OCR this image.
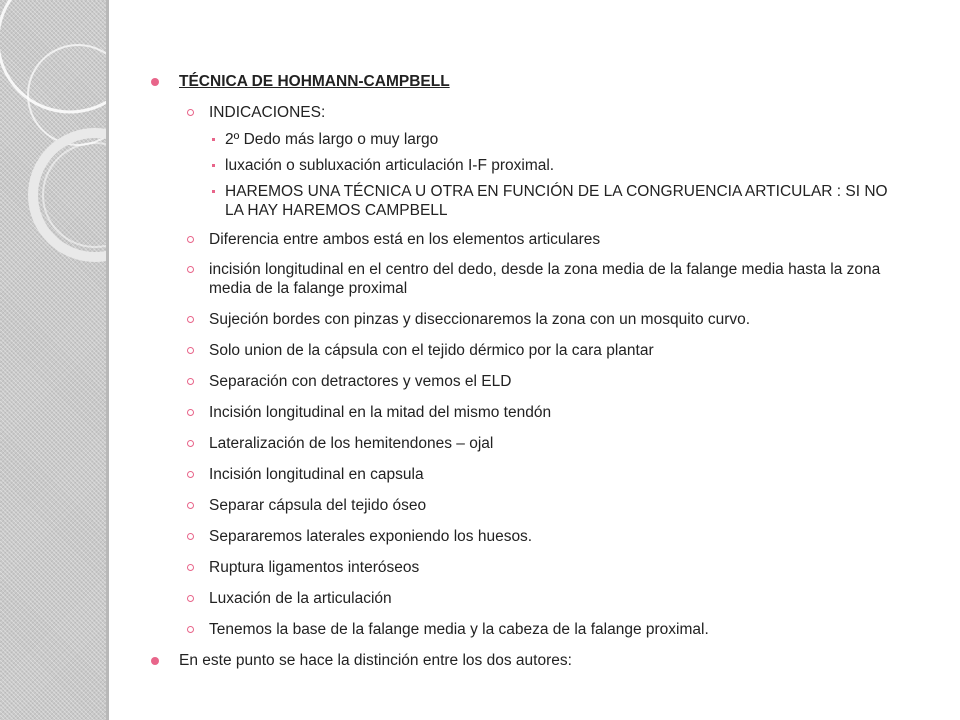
TÉCNICA DE HOHMANN-CAMPBELL
INDICACIONES:
2º Dedo más largo o muy largo
luxación o subluxación articulación I-F proximal.
HAREMOS UNA TÉCNICA U OTRA EN FUNCIÓN DE LA CONGRUENCIA ARTICULAR : SI NO LA HAY HAREMOS CAMPBELL
Diferencia entre ambos está en los elementos articulares
incisión longitudinal en el centro del dedo, desde la zona media de la falange media hasta la zona media de la falange proximal
Sujeción bordes con pinzas y diseccionaremos la zona con un mosquito curvo.
Solo union de la cápsula con el tejido dérmico por la cara plantar
Separación con detractores y vemos el ELD
Incisión longitudinal en la mitad del mismo tendón
Lateralización de los hemitendones – ojal
Incisión longitudinal en capsula
Separar cápsula del tejido óseo
Separaremos laterales exponiendo los huesos.
Ruptura ligamentos interóseos
Luxación de la articulación
Tenemos la base de la falange media y la cabeza de la falange proximal.
En este punto se hace la distinción entre los dos autores:
